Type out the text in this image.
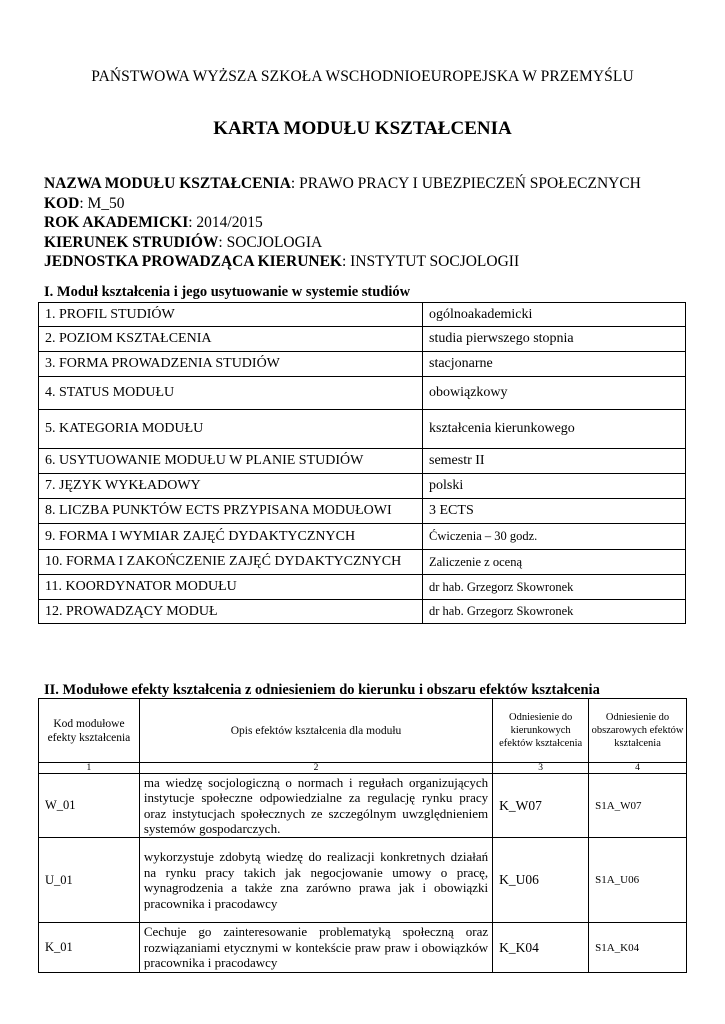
PAŃSTWOWA WYŻSZA SZKOŁA WSCHODNIOEUROPEJSKA W PRZEMYŚLU
KARTA MODUŁU KSZTAŁCENIA
NAZWA MODUŁU KSZTAŁCENIA: PRAWO PRACY I UBEZPIECZEŃ SPOŁECZNYCH
KOD: M_50
ROK AKADEMICKI: 2014/2015
KIERUNEK STRUDIÓW: SOCJOLOGIA
JEDNOSTKA PROWADZĄCA KIERUNEK: INSTYTUT SOCJOLOGII
I. Moduł kształcenia i jego usytuowanie w systemie studiów
1. PROFIL STUDIÓW	ogólnoakademicki
2. POZIOM KSZTAŁCENIA	studia pierwszego stopnia
3. FORMA PROWADZENIA STUDIÓW	stacjonarne
4. STATUS MODUŁU	obowiązkowy
5. KATEGORIA MODUŁU	kształcenia kierunkowego
6. USYTUOWANIE MODUŁU W PLANIE STUDIÓW	semestr II
7. JĘZYK WYKŁADOWY	polski
8. LICZBA PUNKTÓW ECTS PRZYPISANA MODUŁOWI	3 ECTS
9. FORMA I WYMIAR ZAJĘĆ DYDAKTYCZNYCH	Ćwiczenia – 30 godz.
10. FORMA I ZAKOŃCZENIE ZAJĘĆ DYDAKTYCZNYCH	Zaliczenie z oceną
11. KOORDYNATOR MODUŁU	dr hab. Grzegorz Skowronek
12. PROWADZĄCY MODUŁ	dr hab. Grzegorz Skowronek
II. Modułowe efekty kształcenia z odniesieniem do kierunku i obszaru efektów kształcenia
Kod modułowe efekty kształcenia	Opis efektów kształcenia dla modułu	Odniesienie do kierunkowych efektów kształcenia	Odniesienie do obszarowych efektów kształcenia
1	2	3	4
W_01	ma wiedzę socjologiczną o normach i regułach organizujących instytucje społeczne odpowiedzialne za regulację rynku pracy oraz instytucjach społecznych ze szczególnym uwzględnieniem systemów gospodarczych.	K_W07	S1A_W07
U_01	wykorzystuje zdobytą wiedzę do realizacji konkretnych działań na rynku pracy takich jak negocjowanie umowy o pracę, wynagrodzenia a także zna zarówno prawa jak i obowiązki pracownika i pracodawcy	K_U06	S1A_U06
K_01	Cechuje go zainteresowanie problematyką społeczną oraz rozwiązaniami etycznymi w kontekście praw praw i obowiązków pracownika i pracodawcy	K_K04	S1A_K04
